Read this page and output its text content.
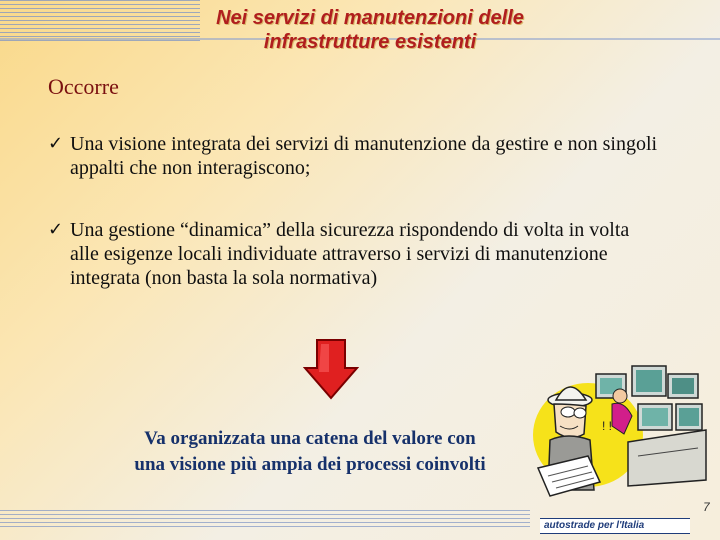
Nei servizi di manutenzioni delle
infrastrutture esistenti

Occorre

✓ Una visione integrata dei servizi di manutenzione da gestire e non singoli appalti che non interagiscono;
✓ Una gestione “dinamica” della sicurezza rispondendo di volta in volta alle esigenze locali individuate attraverso i servizi di manutenzione integrata (non basta la sola normativa)
Va organizzata una catena del valore con
una visione più ampia dei processi coinvolti
! !
7
autostrade per l'Italia
